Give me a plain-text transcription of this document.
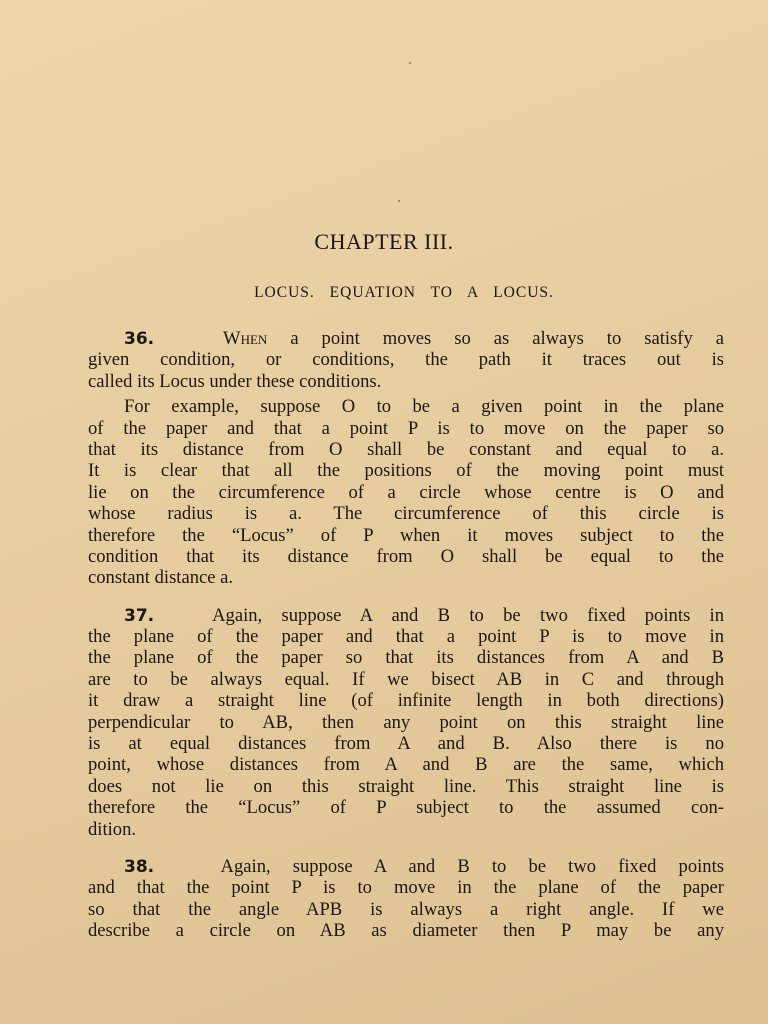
CHAPTER III.
LOCUS. EQUATION TO A LOCUS.
36.	When a point moves so as always to satisfy a
given condition, or conditions, the path it traces out is
called its Locus under these conditions.
For example, suppose O to be a given point in the plane
of the paper and that a point P is to move on the paper so
that its distance from O shall be constant and equal to a.
It is clear that all the positions of the moving point must
lie on the circumference of a circle whose centre is O and
whose radius is a. The circumference of this circle is
therefore the “Locus” of P when it moves subject to the
condition that its distance from O shall be equal to the
constant distance a.
37.	Again, suppose A and B to be two fixed points in
the plane of the paper and that a point P is to move in
the plane of the paper so that its distances from A and B
are to be always equal. If we bisect AB in C and through
it draw a straight line (of infinite length in both directions)
perpendicular to AB, then any point on this straight line
is at equal distances from A and B. Also there is no
point, whose distances from A and B are the same, which
does not lie on this straight line. This straight line is
therefore the “Locus” of P subject to the assumed con-
dition.
38.	Again, suppose A and B to be two fixed points
and that the point P is to move in the plane of the paper
so that the angle APB is always a right angle. If we
describe a circle on AB as diameter then P may be any
